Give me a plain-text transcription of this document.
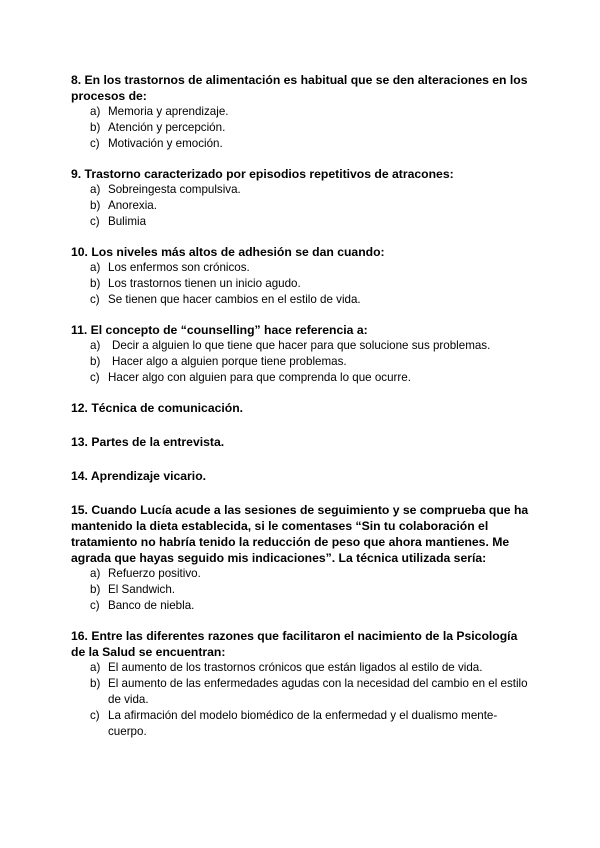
8. En los trastornos de alimentación es habitual que se den alteraciones en los procesos de:

a) Memoria y aprendizaje.
b) Atención y percepción.
c) Motivación y emoción.

9. Trastorno caracterizado por episodios repetitivos de atracones:

a) Sobreingesta compulsiva.
b) Anorexia.
c) Bulimia

10. Los niveles más altos de adhesión se dan cuando:

a) Los enfermos son crónicos.
b) Los trastornos tienen un inicio agudo.
c) Se tienen que hacer cambios en el estilo de vida.

11. El concepto de “counselling” hace referencia a:

a)	Decir a alguien lo que tiene que hacer para que solucione sus problemas.
b)	Hacer algo a alguien porque tiene problemas.
c) Hacer algo con alguien para que comprenda lo que ocurre.

12. Técnica de comunicación.

13. Partes de la entrevista.

14. Aprendizaje vicario.

15. Cuando Lucía acude a las sesiones de seguimiento y se comprueba que ha mantenido la dieta establecida, si le comentases “Sin tu colaboración el tratamiento no habría tenido la reducción de peso que ahora mantienes. Me agrada que hayas seguido mis indicaciones”. La técnica utilizada sería:

a) Refuerzo positivo.
b) El Sandwich.
c) Banco de niebla.

16. Entre las diferentes razones que facilitaron el nacimiento de la Psicología de la Salud se encuentran:

a) El aumento de los trastornos crónicos que están ligados al estilo de vida.
b) El aumento de las enfermedades agudas con la necesidad del cambio en el estilo de vida.
c) La afirmación del modelo biomédico de la enfermedad y el dualismo mente-cuerpo.
